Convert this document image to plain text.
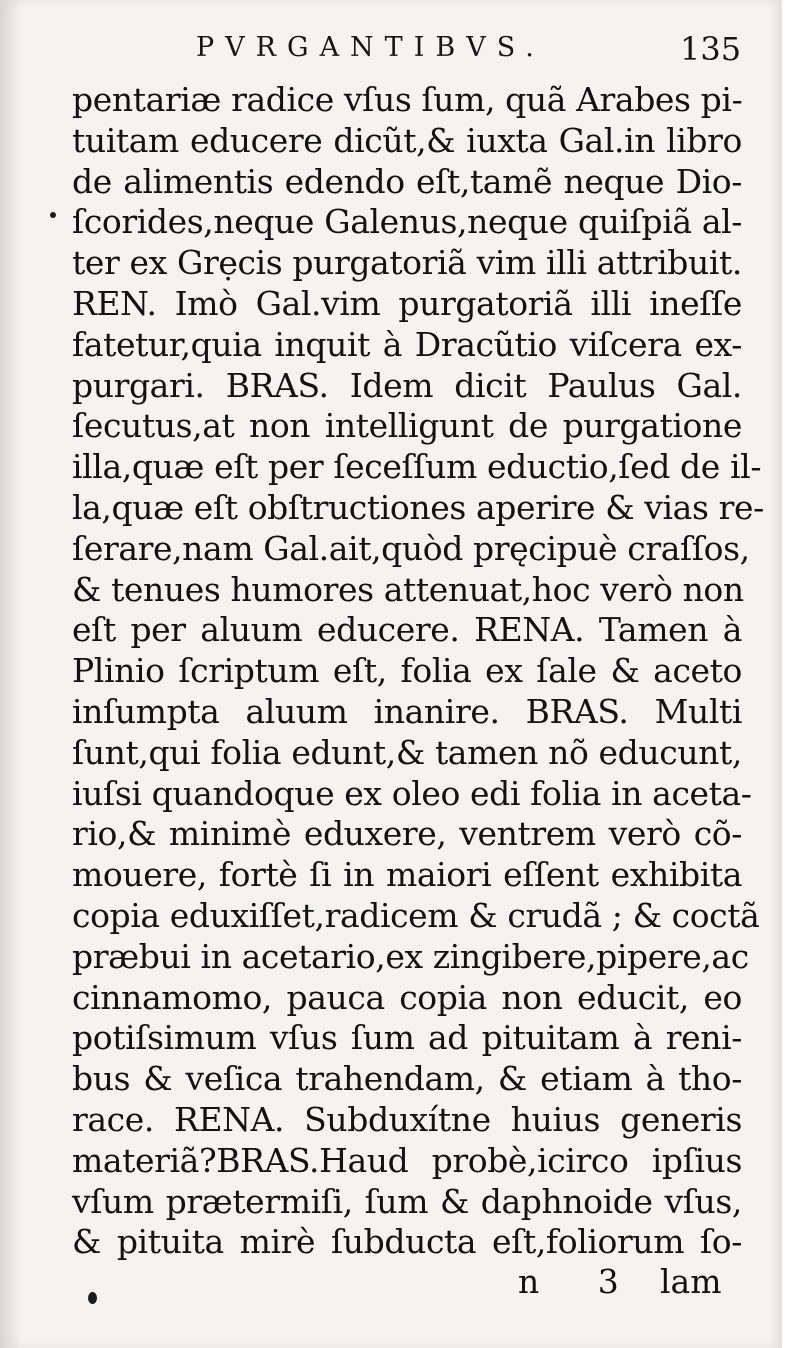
PVRGANTIBVS.	135
pentariæ radice vſus ſum, quã Arabes pi-
tuitam educere dicũt,& iuxta Gal.in libro
de alimentis edendo eſt,tamẽ neque Dio-
ſcorides,neque Galenus,neque quiſpiã al-
ter ex Grẹcis purgatoriã vim illi attribuit.
REN. Imò Gal.vim purgatoriã illi ineſſe
fatetur,quia inquit à Dracũtio viſcera ex-
purgari. BRAS. Idem dicit Paulus Gal.
ſecutus,at non intelligunt de purgatione
illa,quæ eſt per ſeceſſum eductio,ſed de il-
la,quæ eſt obſtructiones aperire & vias re-
ſerare,nam Gal.ait,quòd pręcipuè craſſos,
& tenues humores attenuat,hoc verò non
eſt per aluum educere. RENA. Tamen à
Plinio ſcriptum eſt, folia ex ſale & aceto
inſumpta aluum inanire. BRAS. Multi
ſunt,qui folia edunt,& tamen nõ educunt,
iuſsi quandoque ex oleo edi folia in aceta-
rio,& minimè eduxere, ventrem verò cõ-
mouere, fortè ſi in maiori eſſent exhibita
copia eduxiſſet,radicem & crudã ; & coctã
præbui in acetario,ex zingibere,pipere,ac
cinnamomo, pauca copia non educit, eo
potiſsimum vſus ſum ad pituitam à reni-
bus & veſica trahendam, & etiam à tho-
race. RENA. Subduxítne huius generis
materiã?BRAS.Haud probè,icirco ipſius
vſum prætermiſi, ſum & daphnoide vſus,
& pituita mirè ſubducta eſt,foliorum ſo-
n 3 lam
